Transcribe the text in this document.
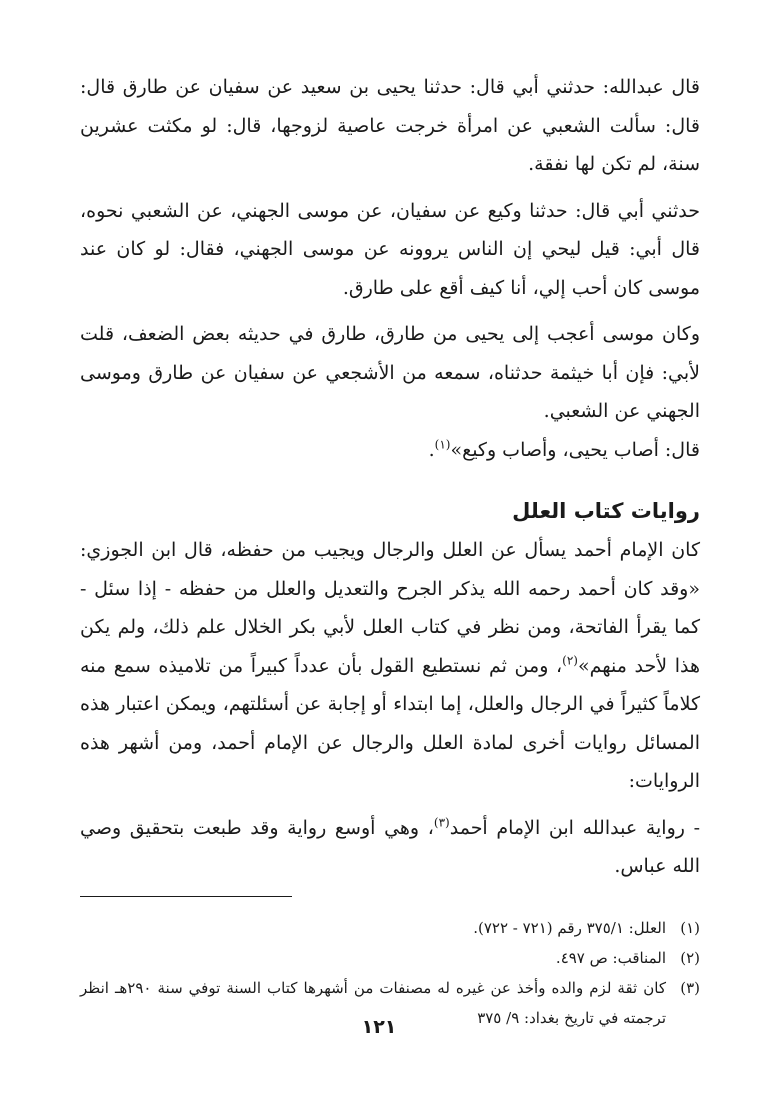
قال عبدالله: حدثني أبي قال: حدثنا يحيى بن سعيد عن سفيان عن طارق قال: قال: سألت الشعبي عن امرأة خرجت عاصية لزوجها، قال: لو مكثت عشرين سنة، لم تكن لها نفقة.

حدثني أبي قال: حدثنا وكيع عن سفيان، عن موسى الجهني، عن الشعبي نحوه، قال أبي: قيل ليحي إن الناس يروونه عن موسى الجهني، فقال: لو كان عند موسى كان أحب إلي، أنا كيف أقع على طارق.

وكان موسى أعجب إلى يحيى من طارق، طارق في حديثه بعض الضعف، قلت لأبي: فإن أبا خيثمة حدثناه، سمعه من الأشجعي عن سفيان عن طارق وموسى الجهني عن الشعبي.

قال: أصاب يحيى، وأصاب وكيع»$^{(١)}$.

روايات كتاب العلل

كان الإمام أحمد يسأل عن العلل والرجال ويجيب من حفظه، قال ابن الجوزي: «وقد كان أحمد رحمه الله يذكر الجرح والتعديل والعلل من حفظه - إذا سئل - كما يقرأ الفاتحة، ومن نظر في كتاب العلل لأبي بكر الخلال علم ذلك، ولم يكن هذا لأحد منهم»$^{(٢)}$، ومن ثم نستطيع القول بأن عدداً كبيراً من تلاميذه سمع منه كلاماً كثيراً في الرجال والعلل، إما ابتداء أو إجابة عن أسئلتهم، ويمكن اعتبار هذه المسائل روايات أخرى لمادة العلل والرجال عن الإمام أحمد، ومن أشهر هذه الروايات:

- رواية عبدالله ابن الإمام أحمد$^{(٣)}$، وهي أوسع رواية وقد طبعت بتحقيق وصي الله عباس.

(١)
العلل: ٣٧٥/١ رقم (٧٢١ - ٧٢٢).

(٢)
المناقب: ص ٤٩٧.

(٣)
كان ثقة لزم والده وأخذ عن غيره له مصنفات من أشهرها كتاب السنة توفي سنة ٢٩٠هـ انظر ترجمته في تاريخ بغداد: ٩/ ٣٧٥

١٢١
